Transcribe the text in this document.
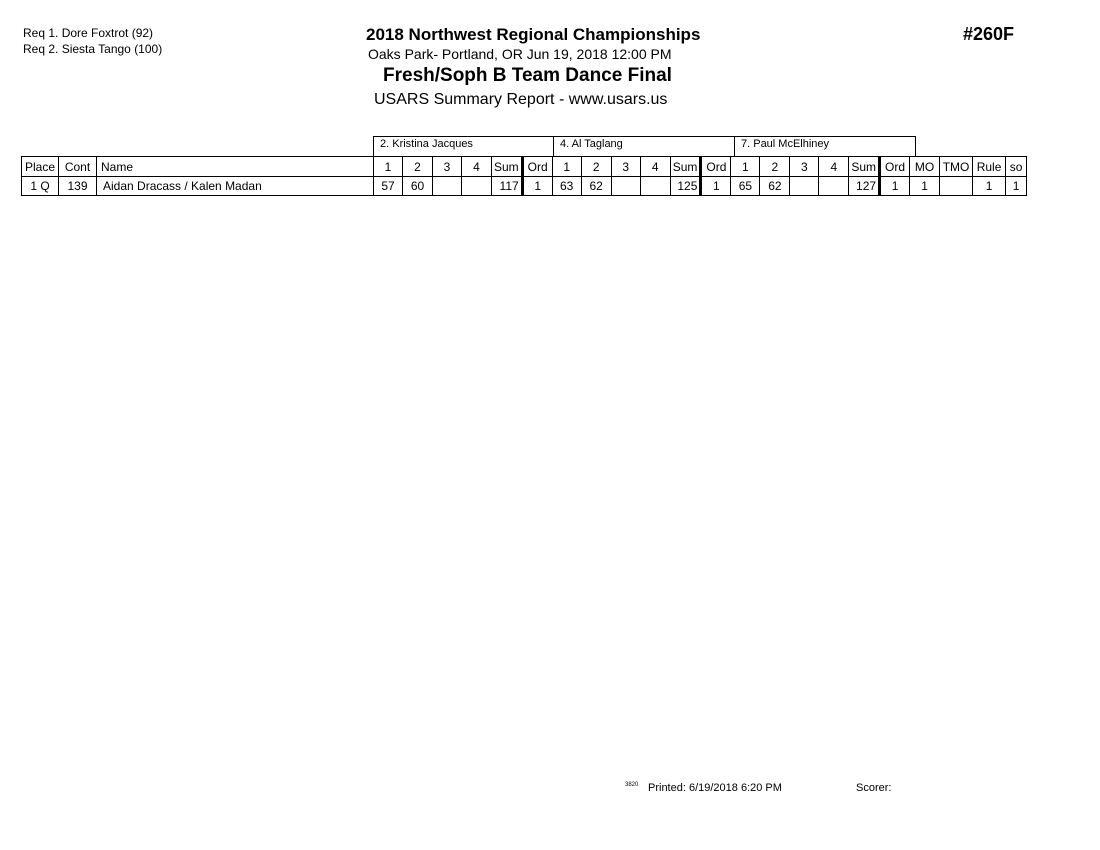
Req 1. Dore Foxtrot (92)
Req 2. Siesta Tango (100)
2018 Northwest Regional Championships
Oaks Park- Portland, OR Jun 19, 2018 12:00 PM
Fresh/Soph B Team Dance Final
USARS Summary Report - www.usars.us
#260F
2. Kristina Jacques	4. Al Taglang	7. Paul McElhiney
Place	Cont	Name	1	2	3	4	Sum	Ord	1	2	3	4	Sum	Ord	1	2	3	4	Sum	Ord	MO	TMO	Rule	so
1 Q	139	Aidan Dracass / Kalen Madan	57	60			117	1	63	62			125	1	65	62			127	1	1		1	1
3820 Printed: 6/19/2018 6:20 PM	Scorer:
